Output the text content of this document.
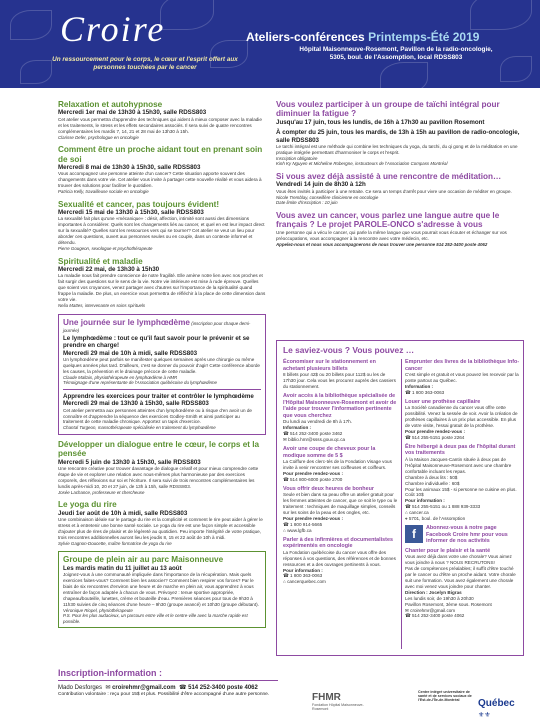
Croire
Un ressourcement pour le corps, le cœur et l'esprit offert aux personnes touchées par le cancer
Ateliers-conférences Printemps-Été 2019
Hôpital Maisonneuve-Rosemont, Pavillon de la radio-oncologie,
5305, boul. de l'Assomption, local RDSS803
Relaxation et autohypnose
Mercredi 1er mai de 13h30 à 15h30, salle RDSS803
Cet atelier vous permettra d'apprendre des techniques qui aident à mieux composer avec la maladie et les traitements, le stress et les effets secondaires associés. Il sera suivi de quatre rencontres complémentaires les mardis 7, 14, 21 et 28 mai de 13h30 à 15h.
Clarisse Defer, psychologue en oncologie
Comment être un proche aidant tout en prenant soin de soi
Mercredi 8 mai de 13h30 à 15h30, salle RDSS803
Vous accompagnez une personne atteinte d'un cancer? Cette situation apporte souvent des changements dans votre vie. Cet atelier vous invite à partager cette nouvelle réalité et vous aidera à trouver des solutions pour faciliter le quotidien.
Patricia Kelly, travailleuse sociale en oncologie
Sexualité et cancer, pas toujours évident!
Mercredi 15 mai de 13h30 à 15h30, salle RDSS803
La sexualité fait plus qu'une «mécanique» : désir, affection, intimité sont aussi des dimensions importantes à considérer. Quels sont les changements liés au cancer, et quel en est leur impact direct sur la sexualité? Quelles sont les ressources vers qui se tourner? Cet atelier se veut un lieu pour aborder ces questions, ouvert aux personnes seules ou en couple, dans un contexte informel et détendu.
Pierre Gougeon, sexologue et psychothérapeute
Spiritualité et maladie
Mercredi 22 mai, de 13h30 à 15h30
La maladie nous fait prendre conscience de notre fragilité. Elle amène notre lien avec nos proches et fait surgir des questions sur le sens de la vie. Notre vie intérieure est mise à rude épreuve. Quelles que soient vos croyances, venez partager avec d'autres sur l'importance de la spiritualité quand frappe la maladie. De plus, un exercice vous permettra de réfléchir à la place de cette dimension dans votre vie.
Nelia Mattes, intervenante en soins spirituels
Une journée sur le lymphœdème (inscription pour chaque demi-journée)
Le lymphœdème : tout ce qu'il faut savoir pour le prévenir et se prendre en charge!
Mercredi 29 mai de 10h à midi, salle RDSS803
Un lymphœdème peut parfois se manifester quelques semaines après une chirurgie ou même quelques années plus tard. D'ailleurs, c'est se donner du pouvoir d'agir! Cette conférence aborde les causes, la prévention et le drainage précoce de cette maladie.
Claude Maltais, physiothérapeute en lymphœdème à HMR
Témoignage d'une représentante de l'Association québécoise du lymphœdème
Apprendre les exercices pour traiter et contrôler le lymphœdème
Mercredi 29 mai de 13h30 à 15h30, salle RDSS803
Cet atelier permettra aux personnes atteintes d'un lymphœdème ou à risque d'en avoir un de connaître et d'apprendre la séquence des exercices Godley-Smith et ainsi participer au traitement de cette maladie chronique. Apportez un tapis d'exercice.
Chantal Turgeon, massothérapeute spécialisée en traitement du lymphœdème
Développer un dialogue entre le cœur, le corps et la pensée
Mercredi 5 juin de 13h30 à 15h30, salle RDSS803
Une rencontre créative pour trouver davantage de dialogue créatif et pour mieux comprendre cette étape de vie et explorer une relation avec nous-mêmes plus harmonieuse par des exercices corporels, des réflexions sur soi et l'écriture. Il sera suivi de trois rencontres complémentaires les lundis après-midi 10, 20 et 27 juin, de 13h à 15h, salle RDSS803.
Josée Lachance, professeure et chercheuse
Le yoga du rire
Jeudi 1er août de 10h à midi, salle RDSS803
Une combinaison idéale sur le partage du rire et la complicité et comment le rire peut aider à gérer le stress et à entretenir une bonne santé sociale. Le yoga du rire est une façon simple et accessible d'ajouter plus de rires de plaisir et de légèreté au quotidien. Peu importe l'intégrité de votre pratique, trois rencontres additionnelles auront lieu les jeudis 8, 15 et 22 août de 10h à midi.
Sylvie Gagnon-Doucette, maître formatrice de yoga du rire
Groupe de plein air au parc Maisonneuve
Les mardis matin du 11 juillet au 13 août
Joignez-vous à une communauté impliquée dans l'importance de la récupération. Mais quels exercices faites-vous? Comment bien les associer? Comment bien respirer vos forces? Par le biais de six rencontres d'environ une heure et de marche en plein air, vous apprendrez à vous entraîner de façon adaptée à chacun de vous. Prévoyez : tenue sportive appropriée, chapeau/bouteille, lunettes, crème et bouteille d'eau. Premières séances pour tous de 9h30 à 11h30 suivies de cinq séances d'une heure – 9h30 (groupe avancé) et 10h30 (groupe débutant).
Véronique Riopel, physiothérapeute
P.S. Pour les plus audacieux, un parcours entre ville et le centre-ville avec la marche rapide est possible.
Vous voulez participer à un groupe de taïchi intégral pour diminuer la fatigue ?
Jusqu'au 17 juin, tous les lundis, de 16h à 17h30 au pavillon Rosemont
À compter du 25 juin, tous les mardis, de 13h à 15h au pavillon de radio-oncologie, salle RDSS803
Le taïchi intégral est une méthode qui combine les techniques du yoga, du taïchi, du qi gong et de la méditation en une pratique intégrée permettant d'harmoniser le corps et l'esprit.
Inscription obligatoire
Kinh Ky Nguyen et Micheline Robergne, instructeurs de l'Association Compass Montréal
Si vous avez déjà assisté à une rencontre de méditation…
Vendredi 14 juin de 8h30 à 12h
Vous êtes invités à participer à une retraite. Ce sera un temps d'arrêt pour vivre une occasion de méditer en groupe.
Nicole Tremblay, conseillère clinicienne en oncologie
Date limite d'inscription : 10 juin
Vous avez un cancer, vous parlez une langue autre que le français ? Le projet PAROLE-ONCO s'adresse à vous
Une personne qui a vécu le cancer, qui parle la même langue que vous pourrait vous écouter et échanger sur vos préoccupations, vous accompagner à la rencontre avec votre médecin, etc.
Appelez-nous et nous vous accompagnerons de nous trouver une personne 514 252-3400 poste 4062
Le saviez-vous ? Vous pouvez …
Économiser sur le stationnement en achetant plusieurs billets
8 billets pour 42$ ou 20 billets pour 112$ ou les de 17h30 jour. Cela vous les procurez auprès des cassiers du stationnement.
Avoir accès à la bibliothèque spécialisée de l'Hôpital Maisonneuve-Rosemont et avoir de l'aide pour trouver l'information pertinente que vous cherchez
Du lundi au vendredi de 8h à 17h.
Information :
☎ 514 252-3400 poste 3462
✉ biblio.hmr@ssss.gouv.qc.ca
Avoir une coupe de cheveux pour la modique somme de 5 $
La Coiffure des clerc-tés de la Fondation Visage vous invite à venir rencontrer ses coiffeuses et coiffeurs.
Pour prendre rendez-vous :
☎ 514 800-6000 poste 2700
Vous offrir deux heures de bonheur
Seule et bien dans sa peau offre un atelier gratuit pour les femmes atteintes de cancer, que ce soit le type ou le traitement : techniques de maquillage simples, conseils sur les soins de la peau et des ongles, etc.
Pour prendre rendez-vous :
☎ 1 800 914-5665
⌂ www.lgfb.ca
Parler à des infirmières et documentalistes expérimentés en oncologie
La Fondation québécoise du cancer vous offre des réponses à vos questions, des références et de bonnes ressources et a des ouvrages pertinents à vous.
Pour information :
☎ 1 800 363-0063
⌂ cancerquebec.com
Emprunter des livres de la bibliothèque Info-cancer
C'est simple et gratuit et vous pouvez les recevoir par la poste partout au Québec.
Information :
☎ 1 800 363-0063
Louer une prothèse capillaire
La Société canadienne du cancer vous offre cette possibilité. Venez la sessée de voir. Avoir la création de prothèses capillaires à un prix plus accessible. En plus de votre visite, l'essai gratuit de la prothèse.
Pour prendre rendez-vous :
☎ 514 255-5151 poste 2264
Être hébergé à deux pas de l'hôpital durant vos traitements
À la Maison Jacques-Cantin située à deux pas de l'Hôpital Maisonneuve-Rosemont avec une chambre confortable incluant les repas.
Chambre à deux lits : 50$
Chambre individuelle : 60$
Pour les animaux 15$ - si personne ne cuisine en plus. Coût 10$
Pour information :
☎ 514 255-5151 ou 1 888 939-3333
⌂ cancer.ca
⌖ 5701, boul. de l'Assomption
f	Abonnez-vous à notre page Facebook Croire hmr pour vous informer de nos activités
Chanter pour le plaisir et la santé
Vous avez déjà dans votre une chorale? Vous aimez vous joindre à nous ? NOUS RECRUTONS!
Pas de compétences préalables; il suffit d'être touché par le cancer ou d'être un proche aidant. Votre chorale suit une formation. Vous avez également une chorale avec moi venez vous joindre pour chanter.
Direction : Jocelyn Bigras
Les lundis soir, de 19h30 à 20h30
Pavillon Rosemont, 3ème sous. Rosemont
✉ croirehmr@gmail.com
☎ 514 252-3400 poste 4062
Inscription-information :
Mado Desforges ✉ croirehmr@gmail.com ☎ 514 252-3400 poste 4062
Contribution volontaire : reçu pour 15$ et plus. Possibilité d'être accompagné d'une autre personne.	FHMR
Fondation Hôpital Maisonneuve-Rosemont
Centre intégré universitaire de santé et de services sociaux de l'Est-de-l'Île-de-Montréal	Québec ⚜⚜
